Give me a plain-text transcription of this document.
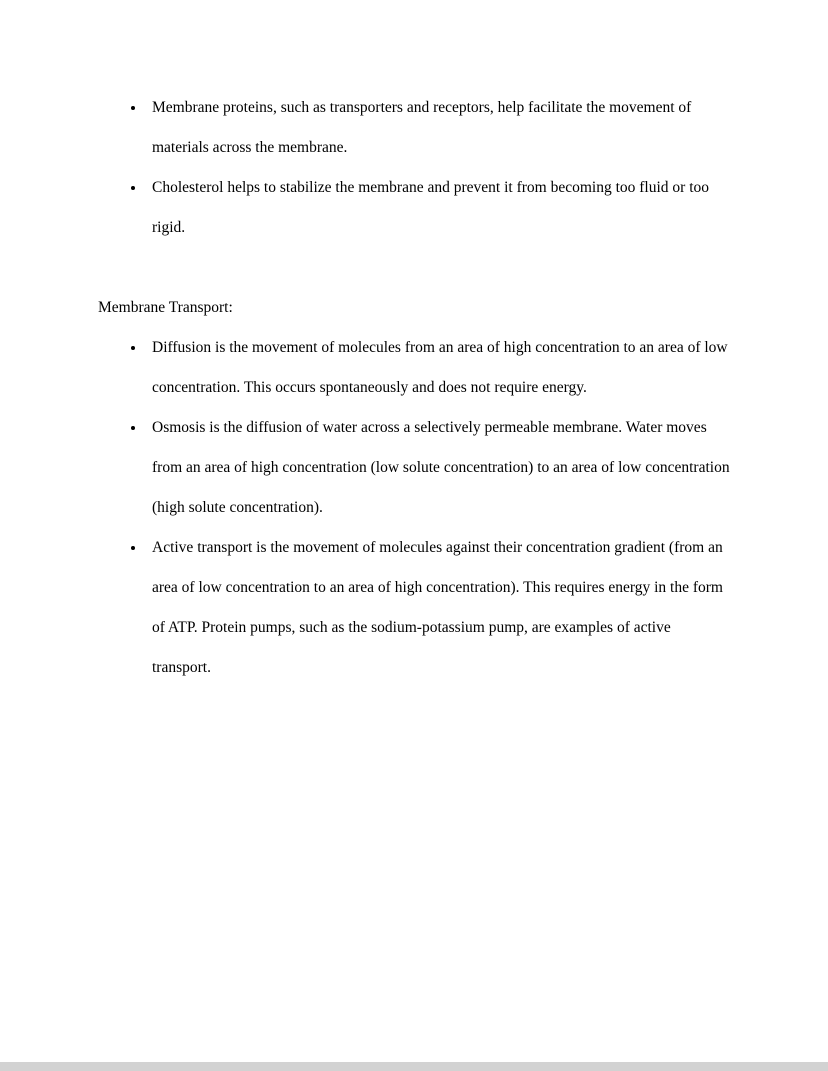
• Membrane proteins, such as transporters and receptors, help facilitate the movement of materials across the membrane.
• Cholesterol helps to stabilize the membrane and prevent it from becoming too fluid or too rigid.

Membrane Transport:

• Diffusion is the movement of molecules from an area of high concentration to an area of low concentration. This occurs spontaneously and does not require energy.
• Osmosis is the diffusion of water across a selectively permeable membrane. Water moves from an area of high concentration (low solute concentration) to an area of low concentration (high solute concentration).
• Active transport is the movement of molecules against their concentration gradient (from an area of low concentration to an area of high concentration). This requires energy in the form of ATP. Protein pumps, such as the sodium-potassium pump, are examples of active transport.
